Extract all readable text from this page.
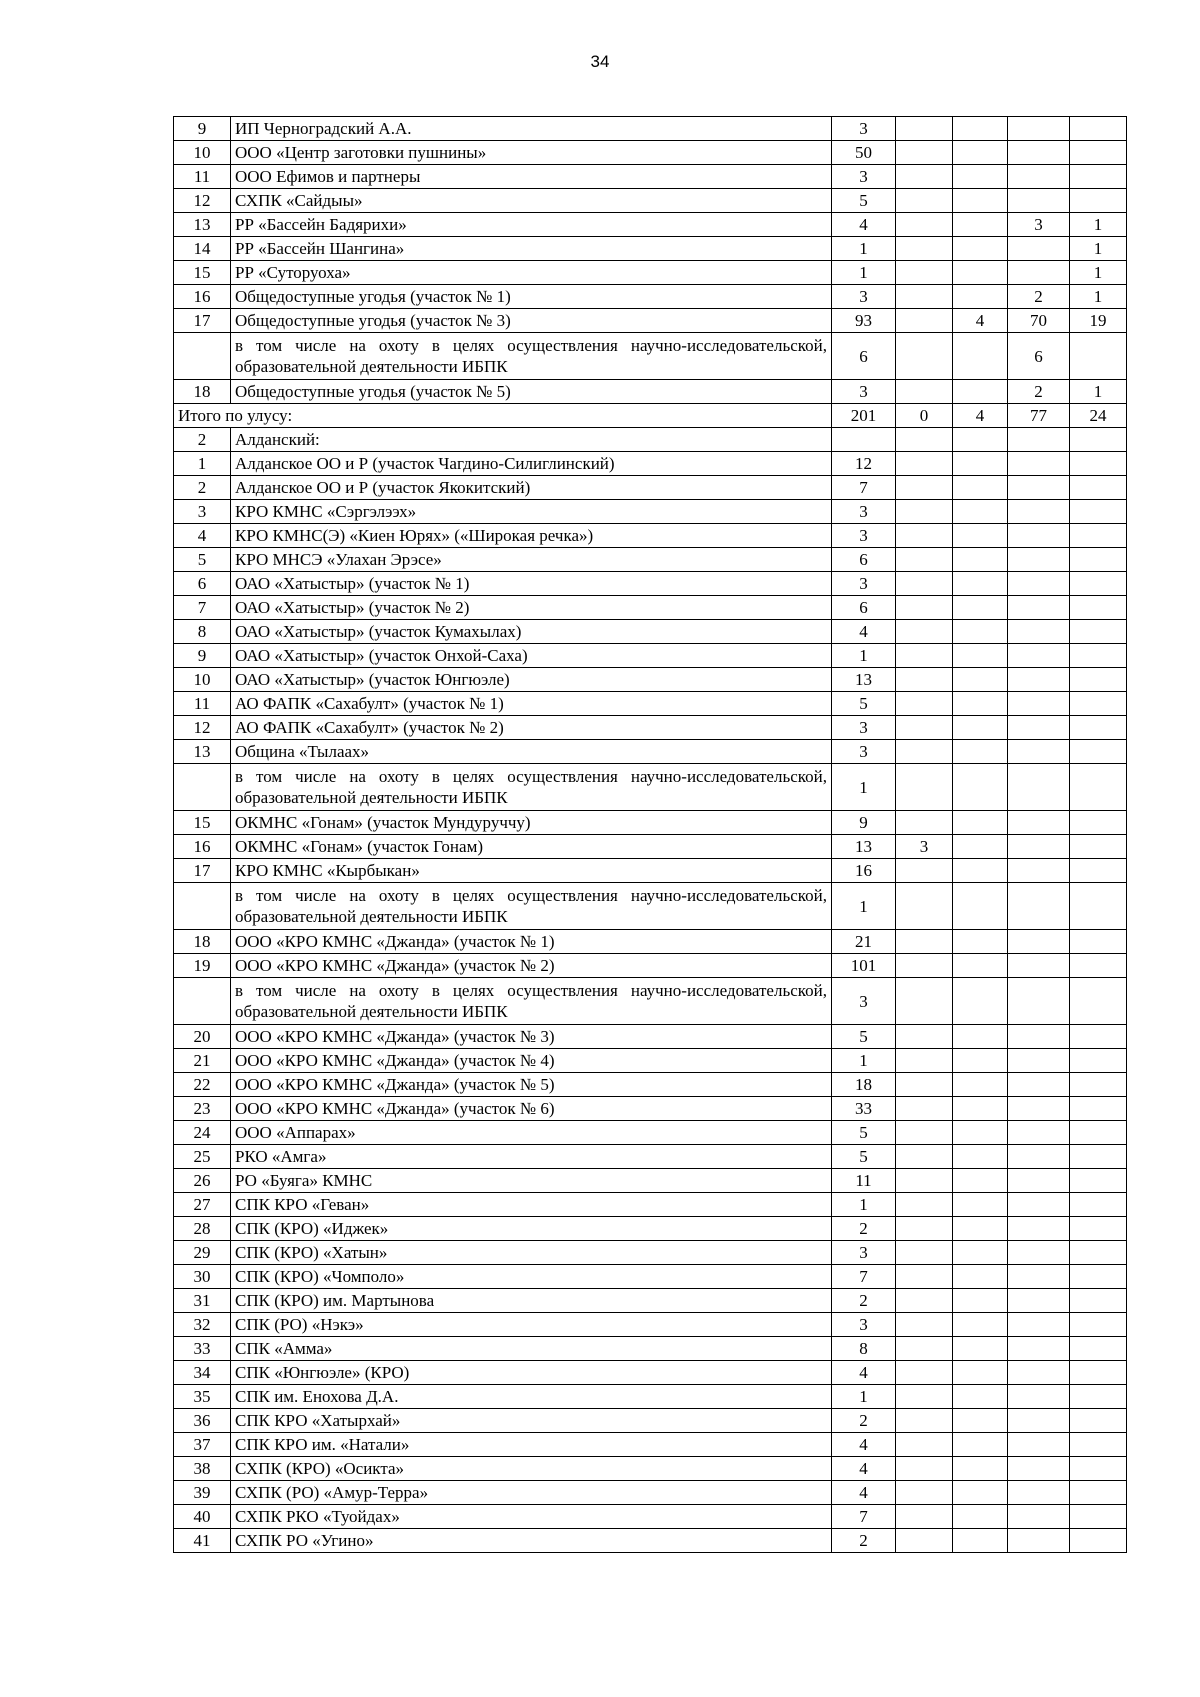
34
9	ИП Черноградский А.А.	3				
10	ООО «Центр заготовки пушнины»	50				
11	ООО Ефимов и партнеры	3				
12	СХПК «Сайдыы»	5				
13	РР «Бассейн Бадярихи»	4			3	1
14	РР «Бассейн Шангина»	1				1
15	РР «Суторуоха»	1				1
16	Общедоступные угодья (участок № 1)	3			2	1
17	Общедоступные угодья (участок № 3)	93		4	70	19
	в том числе на охоту в целях осуществления научно-исследовательской, образовательной деятельности ИБПК	6			6	
18	Общедоступные угодья (участок № 5)	3			2	1
Итого по улусу:		201	0	4	77	24
2	Алданский:					
1	Алданское ОО и Р (участок Чагдино-Силиглинский)	12				
2	Алданское ОО и Р (участок Якокитский)	7				
3	КРО КМНС «Сэргэлээх»	3				
4	КРО КМНС(Э) «Киен Юрях» («Широкая речка»)	3				
5	КРО МНСЭ «Улахан Эрэсе»	6				
6	ОАО «Хатыстыр» (участок № 1)	3				
7	ОАО «Хатыстыр» (участок № 2)	6				
8	ОАО «Хатыстыр» (участок Кумахылах)	4				
9	ОАО «Хатыстыр» (участок Онхой-Саха)	1				
10	ОАО «Хатыстыр» (участок Юнгюэле)	13				
11	АО ФАПК «Сахабулт» (участок № 1)	5				
12	АО ФАПК «Сахабулт» (участок № 2)	3				
13	Община «Тылаах»	3				
	в том числе на охоту в целях осуществления научно-исследовательской, образовательной деятельности ИБПК	1				
15	ОКМНС «Гонам» (участок Мундуруччу)	9				
16	ОКМНС «Гонам» (участок Гонам)	13	3			
17	КРО КМНС «Кырбыкан»	16				
	в том числе на охоту в целях осуществления научно-исследовательской, образовательной деятельности ИБПК	1				
18	ООО «КРО КМНС «Джанда» (участок № 1)	21				
19	ООО «КРО КМНС «Джанда» (участок № 2)	101				
	в том числе на охоту в целях осуществления научно-исследовательской, образовательной деятельности ИБПК	3				
20	ООО «КРО КМНС «Джанда» (участок № 3)	5				
21	ООО «КРО КМНС «Джанда» (участок № 4)	1				
22	ООО «КРО КМНС «Джанда» (участок № 5)	18				
23	ООО «КРО КМНС «Джанда» (участок № 6)	33				
24	ООО «Аппарах»	5				
25	РКО «Амга»	5				
26	РО «Буяга» КМНС	11				
27	СПК КРО «Геван»	1				
28	СПК (КРО) «Иджек»	2				
29	СПК (КРО) «Хатын»	3				
30	СПК (КРО) «Чомполо»	7				
31	СПК (КРО) им. Мартынова	2				
32	СПК (РО) «Нэкэ»	3				
33	СПК «Амма»	8				
34	СПК «Юнгюэле» (КРО)	4				
35	СПК им. Енохова Д.А.	1				
36	СПК КРО «Хатырхай»	2				
37	СПК КРО им. «Натали»	4				
38	СХПК (КРО) «Осикта»	4				
39	СХПК (РО) «Амур-Терра»	4				
40	СХПК РКО «Туойдах»	7				
41	СХПК РО «Угино»	2				
